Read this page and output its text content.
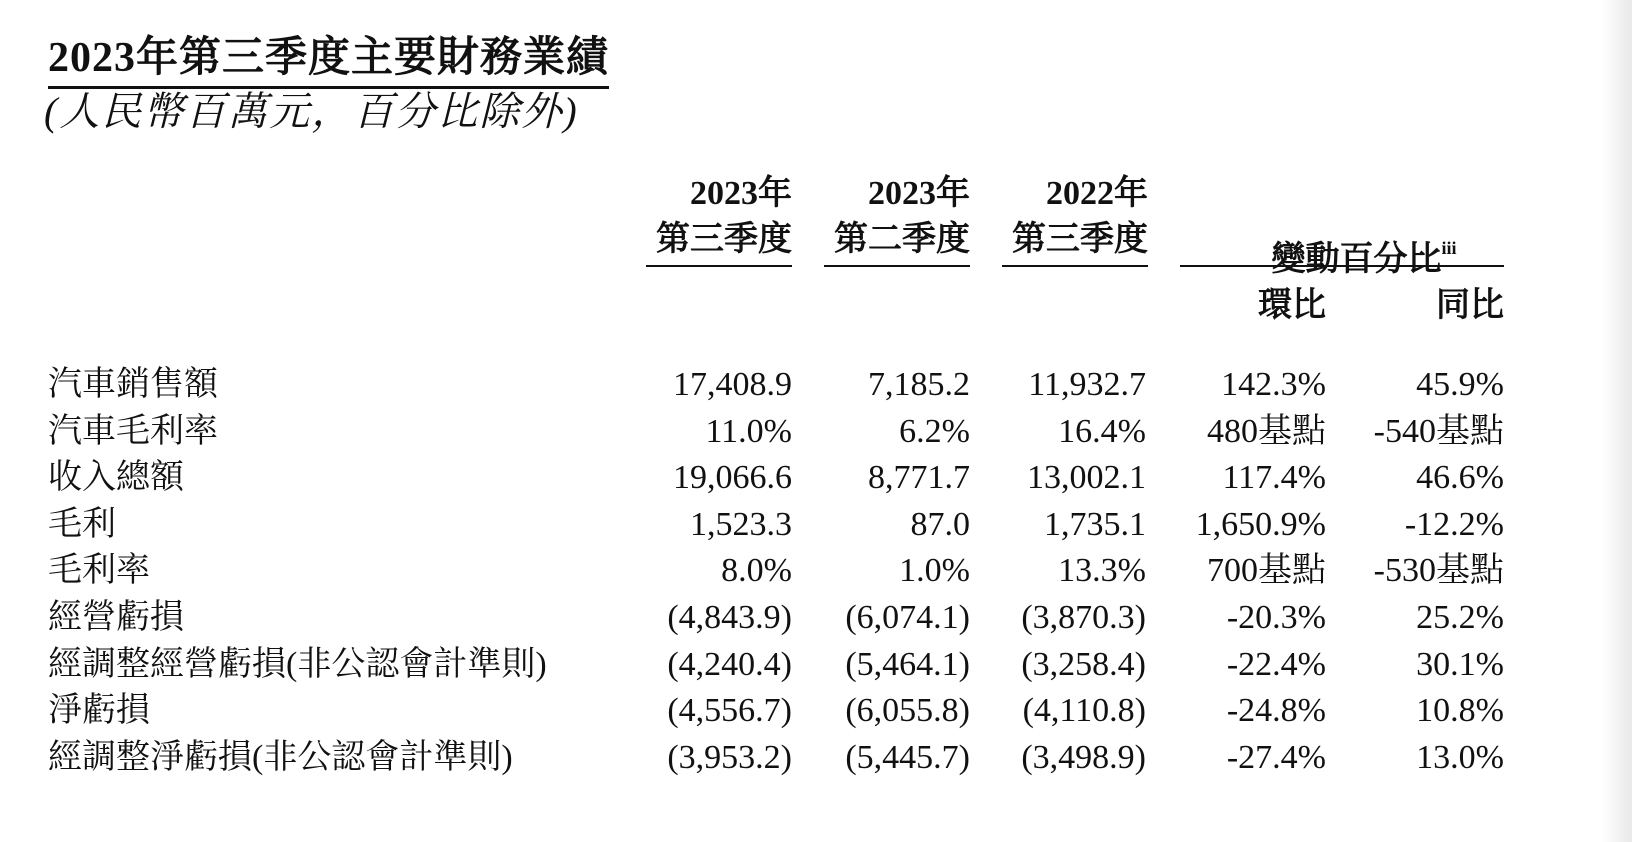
2023年第三季度主要財務業績
(人民幣百萬元，百分比除外)
2023年
第三季度
2023年
第二季度
2022年
第三季度
變動百分比$^{iii}$
環比	同比
汽車銷售額	17,408.9	7,185.2	11,932.7	142.3%	45.9%
汽車毛利率	11.0%	6.2%	16.4%	480基點	-540基點
收入總額	19,066.6	8,771.7	13,002.1	117.4%	46.6%
毛利	1,523.3	87.0	1,735.1	1,650.9%	-12.2%
毛利率	8.0%	1.0%	13.3%	700基點	-530基點
經營虧損	(4,843.9)	(6,074.1)	(3,870.3)	-20.3%	25.2%
經調整經營虧損(非公認會計準則)	(4,240.4)	(5,464.1)	(3,258.4)	-22.4%	30.1%
淨虧損	(4,556.7)	(6,055.8)	(4,110.8)	-24.8%	10.8%
經調整淨虧損(非公認會計準則)	(3,953.2)	(5,445.7)	(3,498.9)	-27.4%	13.0%
